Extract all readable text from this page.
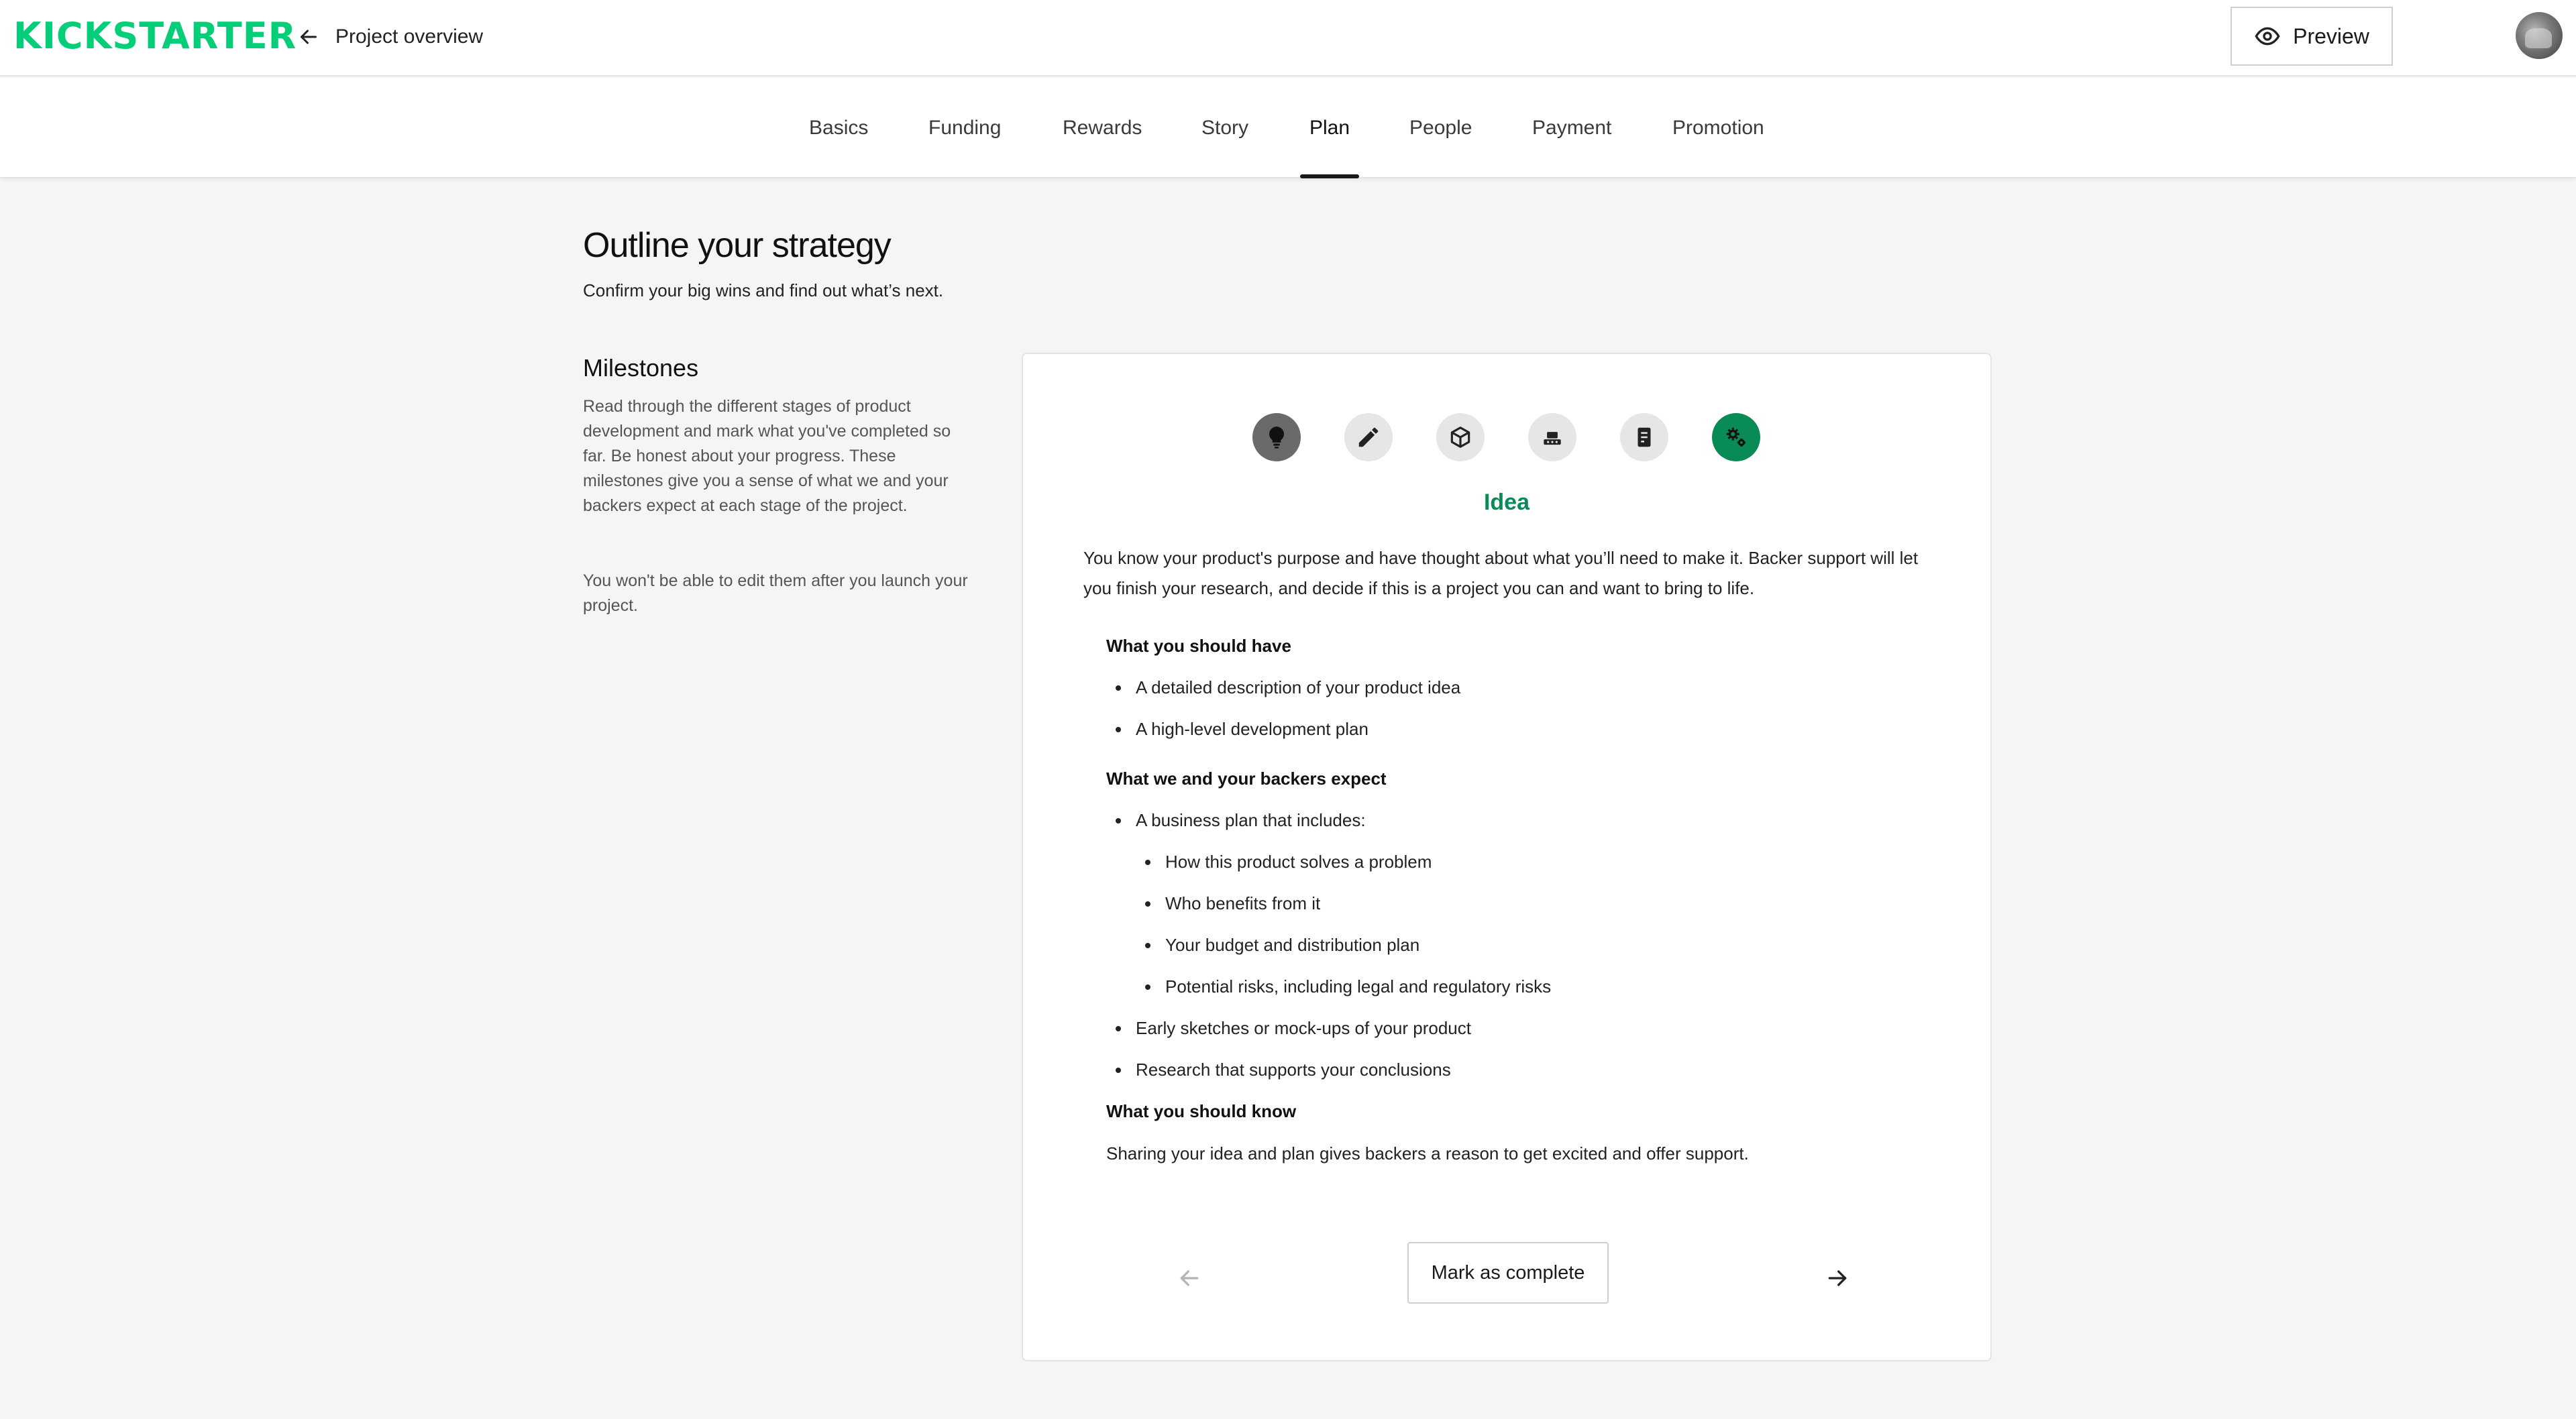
KICKSTARTER Project overview	Preview
Basics	Funding	Rewards	Story	Plan	People	Payment	Promotion
Outline your strategy
Confirm your big wins and find out what’s next.
Milestones
Read through the different stages of product development and mark what you've completed so far. Be honest about your progress. These milestones give you a sense of what we and your backers expect at each stage of the project.
You won't be able to edit them after you launch your project.
Idea
You know your product's purpose and have thought about what you’ll need to make it. Backer support will let you finish your research, and decide if this is a project you can and want to bring to life.
What you should have
A detailed description of your product idea
A high-level development plan
What we and your backers expect
A business plan that includes:
How this product solves a problem
Who benefits from it
Your budget and distribution plan
Potential risks, including legal and regulatory risks
Early sketches or mock-ups of your product
Research that supports your conclusions
What you should know
Sharing your idea and plan gives backers a reason to get excited and offer support.
Mark as complete
